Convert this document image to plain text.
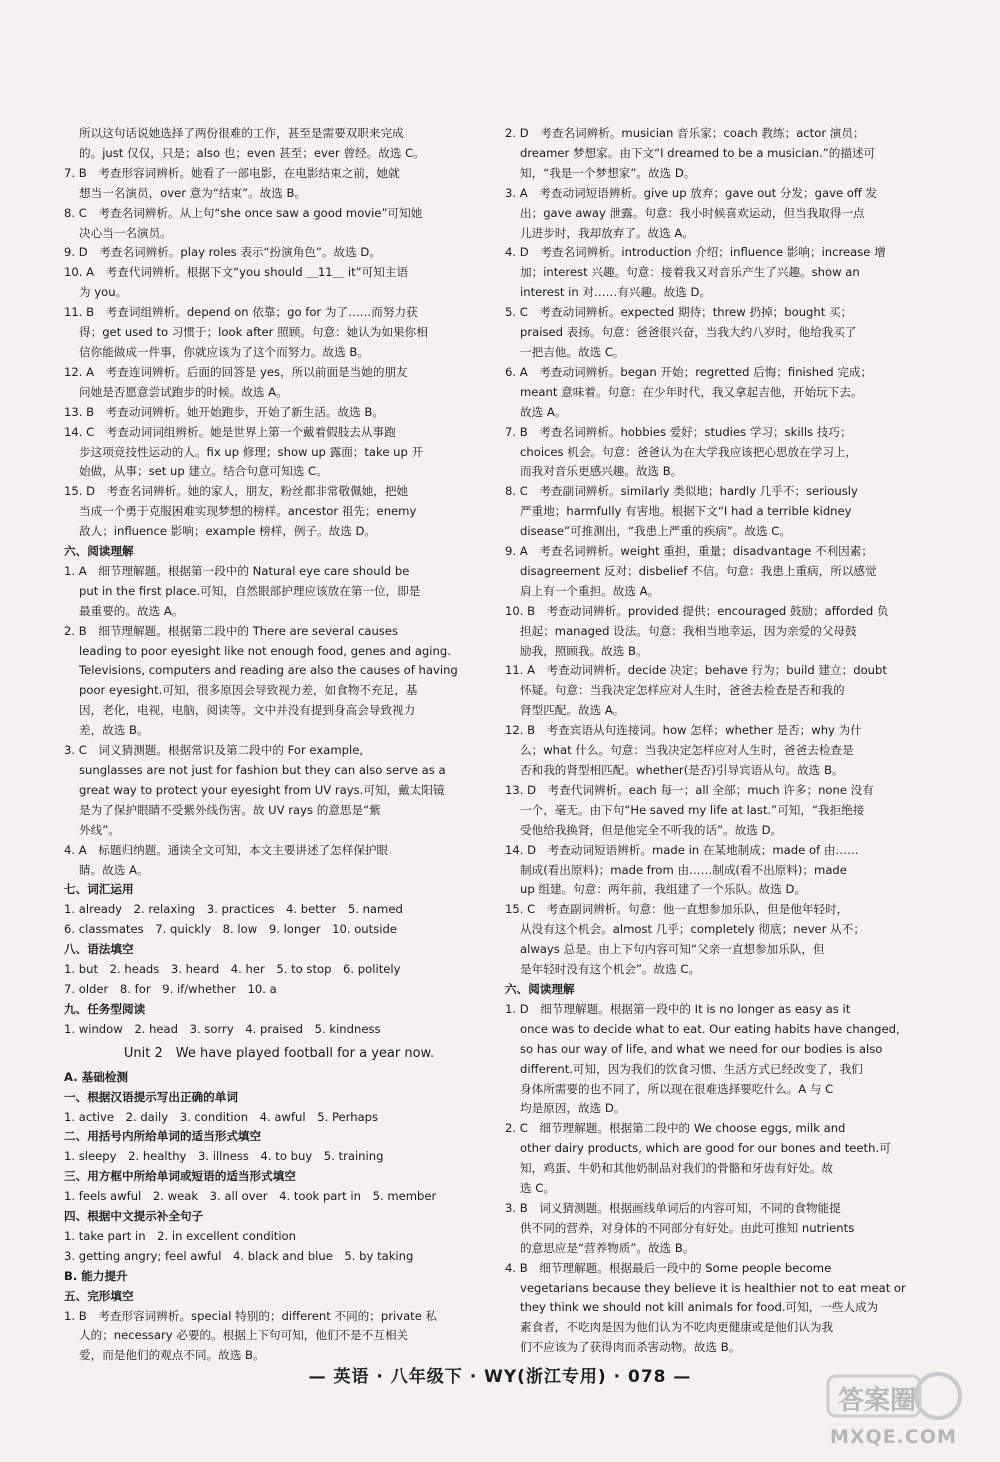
所以这句话说她选择了两份很难的工作，甚至是需要双职来完成

的。just 仅仅，只是；also 也；even 甚至；ever 曾经。故选 C。

7. B　考查形容词辨析。她看了一部电影，在电影结束之前，她就

想当一名演员，over 意为“结束”。故选 B。

8. C　考查名词辨析。从上句“she once saw a good movie”可知她

决心当一名演员。

9. D　考查名词辨析。play roles 表示“扮演角色”。故选 D。

10. A　考查代词辨析。根据下文“you should ＿11＿ it”可知主语

为 you。

11. B　考查词组辨析。depend on 依靠；go for 为了……而努力获

得；get used to 习惯于；look after 照顾。句意：她认为如果你相

信你能做成一件事，你就应该为了这个而努力。故选 B。

12. A　考查连词辨析。后面的回答是 yes，所以前面是当她的朋友

问她是否愿意尝试跑步的时候。故选 A。

13. B　考查动词辨析。她开始跑步，开始了新生活。故选 B。

14. C　考查动词词组辨析。她是世界上第一个戴着假肢去从事跑

步这项竞技性运动的人。fix up 修理；show up 露面；take up 开

始做，从事；set up 建立。结合句意可知选 C。

15. D　考查名词辨析。她的家人，朋友，粉丝都非常敬佩她，把她

当成一个勇于克服困难实现梦想的榜样。ancestor 祖先；enemy

敌人；influence 影响；example 榜样，例子。故选 D。

六、阅读理解

1. A　细节理解题。根据第一段中的 Natural eye care should be

put in the first place.可知，自然眼部护理应该放在第一位，即是

最重要的。故选 A。

2. B　细节理解题。根据第二段中的 There are several causes

leading to poor eyesight like not enough food, genes and aging.

Televisions, computers and reading are also the causes of having

poor eyesight.可知，很多原因会导致视力差，如食物不充足，基

因，老化，电视，电脑，阅读等。文中并没有提到身高会导致视力

差，故选 B。

3. C　词义猜测题。根据常识及第二段中的 For example,

sunglasses are not just for fashion but they can also serve as a

great way to protect your eyesight from UV rays.可知，戴太阳镜

是为了保护眼睛不受紫外线伤害。故 UV rays 的意思是“紫

外线”。

4. A　标题归纳题。通读全文可知，本文主要讲述了怎样保护眼

睛。故选 A。

七、词汇运用

1. already　2. relaxing　3. practices　4. better　5. named

6. classmates　7. quickly　8. low　9. longer　10. outside

八、语法填空

1. but　2. heads　3. heard　4. her　5. to stop　6. politely

7. older　8. for　9. if/whether　10. a

九、任务型阅读

1. window　2. head　3. sorry　4. praised　5. kindness

Unit 2　We have played football for a year now.

A. 基础检测

一、根据汉语提示写出正确的单词

1. active　2. daily　3. condition　4. awful　5. Perhaps

二、用括号内所给单词的适当形式填空

1. sleepy　2. healthy　3. illness　4. to buy　5. training

三、用方框中所给单词或短语的适当形式填空

1. feels awful　2. weak　3. all over　4. took part in　5. member

四、根据中文提示补全句子

1. take part in　2. in excellent condition

3. getting angry; feel awful　4. black and blue　5. by taking

B. 能力提升

五、完形填空

1. B　考查形容词辨析。special 特别的；different 不同的；private 私

人的；necessary 必要的。根据上下句可知，他们不是不互相关

爱，而是他们的观点不同。故选 B。

2. D　考查名词辨析。musician 音乐家；coach 教练；actor 演员；

dreamer 梦想家。由下文“I dreamed to be a musician.”的描述可

知，“我是一个梦想家”。故选 D。

3. A　考查动词短语辨析。give up 放弃；gave out 分发；gave off 发

出；gave away 泄露。句意：我小时候喜欢运动，但当我取得一点

儿进步时，我却放弃了。故选 A。

4. D　考查名词辨析。introduction 介绍；influence 影响；increase 增

加；interest 兴趣。句意：接着我又对音乐产生了兴趣。show an

interest in 对……有兴趣。故选 D。

5. C　考查动词辨析。expected 期待；threw 扔掉；bought 买；

praised 表扬。句意：爸爸很兴奋，当我大约八岁时，他给我买了

一把吉他。故选 C。

6. A　考查动词辨析。began 开始；regretted 后悔；finished 完成；

meant 意味着。句意：在少年时代，我又拿起吉他，开始玩下去。

故选 A。

7. B　考查名词辨析。hobbies 爱好；studies 学习；skills 技巧；

choices 机会。句意：爸爸认为在大学我应该把心思放在学习上，

而我对音乐更感兴趣。故选 B。

8. C　考查副词辨析。similarly 类似地；hardly 几乎不；seriously

严重地；harmfully 有害地。根据下文“I had a terrible kidney

disease”可推测出，“我患上严重的疾病”。故选 C。

9. A　考查名词辨析。weight 重担，重量；disadvantage 不利因素；

disagreement 反对；disbelief 不信。句意：我患上重病，所以感觉

肩上有一个重担。故选 A。

10. B　考查动词辨析。provided 提供；encouraged 鼓励；afforded 负

担起；managed 设法。句意：我相当地幸运，因为亲爱的父母鼓

励我，照顾我。故选 B。

11. A　考查动词辨析。decide 决定；behave 行为；build 建立；doubt

怀疑。句意：当我决定怎样应对人生时，爸爸去检查是否和我的

肾型匹配。故选 A。

12. B　考查宾语从句连接词。how 怎样；whether 是否；why 为什

么；what 什么。句意：当我决定怎样应对人生时，爸爸去检查是

否和我的肾型相匹配。whether(是否)引导宾语从句。故选 B。

13. D　考查代词辨析。each 每一；all 全部；much 许多；none 没有

一个，毫无。由下句“He saved my life at last.”可知，“我拒绝接

受他给我换肾，但是他完全不听我的话”。故选 D。

14. D　考查动词短语辨析。made in 在某地制成；made of 由……

制成(看出原料)；made from 由……制成(看不出原料)；made

up 组建。句意：两年前，我组建了一个乐队。故选 D。

15. C　考查副词辨析。句意：他一直想参加乐队，但是他年轻时，

从没有这个机会。almost 几乎；completely 彻底；never 从不；

always 总是。由上下句内容可知“父亲一直想参加乐队，但

是年轻时没有这个机会”。故选 C。

六、阅读理解

1. D　细节理解题。根据第一段中的 It is no longer as easy as it

once was to decide what to eat. Our eating habits have changed,

so has our way of life, and what we need for our bodies is also

different.可知，因为我们的饮食习惯、生活方式已经改变了，我们

身体所需要的也不同了，所以现在很难选择要吃什么。A 与 C

均是原因，故选 D。

2. C　细节理解题。根据第二段中的 We choose eggs, milk and

other dairy products, which are good for our bones and teeth.可

知，鸡蛋、牛奶和其他奶制品对我们的骨骼和牙齿有好处。故

选 C。

3. B　词义猜测题。根据画线单词后的内容可知，不同的食物能提

供不同的营养，对身体的不同部分有好处。由此可推知 nutrients

的意思应是“营养物质”。故选 B。

4. B　细节理解题。根据最后一段中的 Some people become

vegetarians because they believe it is healthier not to eat meat or

they think we should not kill animals for food.可知，一些人成为

素食者，不吃肉是因为他们认为不吃肉更健康或是他们认为我

们不应该为了获得肉而杀害动物。故选 B。

— 英语 · 八年级下 · WY(浙江专用) · 078 —
答案圈
MXQE.COM
